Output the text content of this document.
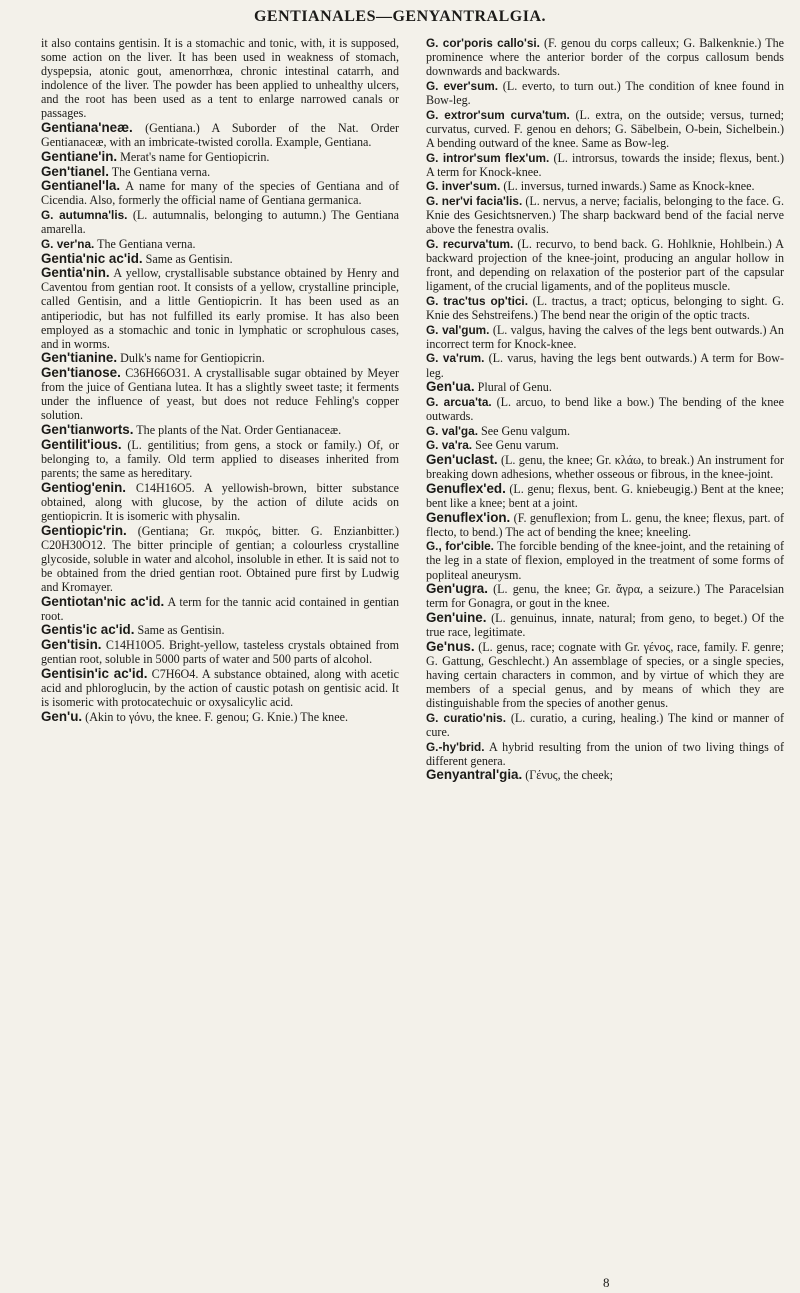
GENTIANALES—GENYANTRALGIA.

it also contains gentisin. It is a stomachic and tonic, with, it is supposed, some action on the liver. It has been used in weakness of stomach, dyspepsia, atonic gout, amenorrhœa, chronic intestinal catarrh, and indolence of the liver. The powder has been applied to unhealthy ulcers, and the root has been used as a tent to enlarge narrowed canals or passages.

Gentiana'neæ. (Gentiana.) A Suborder of the Nat. Order Gentianaceæ, with an imbricate-twisted corolla. Example, Gentiana.

Gentiane'in. Merat's name for Gentiopicrin.

Gen'tianel. The Gentiana verna.

Gentianel'la. A name for many of the species of Gentiana and of Cicendia. Also, formerly the official name of Gentiana germanica.

G. autumna'lis. (L. autumnalis, belonging to autumn.) The Gentiana amarella.

G. ver'na. The Gentiana verna.

Gentia'nic ac'id. Same as Gentisin.

Gentia'nin. A yellow, crystallisable substance obtained by Henry and Caventou from gentian root. It consists of a yellow, crystalline principle, called Gentisin, and a little Gentiopicrin. It has been used as an antiperiodic, but has not fulfilled its early promise. It has also been employed as a stomachic and tonic in lymphatic or scrophulous cases, and in worms.

Gen'tianine. Dulk's name for Gentiopicrin.

Gen'tianose. C36H66O31. A crystallisable sugar obtained by Meyer from the juice of Gentiana lutea. It has a slightly sweet taste; it ferments under the influence of yeast, but does not reduce Fehling's copper solution.

Gen'tianworts. The plants of the Nat. Order Gentianaceæ.

Gentilit'ious. (L. gentilitius; from gens, a stock or family.) Of, or belonging to, a family. Old term applied to diseases inherited from parents; the same as hereditary.

Gentiog'enin. C14H16O5. A yellowish-brown, bitter substance obtained, along with glucose, by the action of dilute acids on gentiopicrin. It is isomeric with physalin.

Gentiopic'rin. (Gentiana; Gr. πικρός, bitter. G. Enzianbitter.) C20H30O12. The bitter principle of gentian; a colourless crystalline glycoside, soluble in water and alcohol, insoluble in ether. It is said not to be obtained from the dried gentian root. Obtained pure first by Ludwig and Kromayer.

Gentiotan'nic ac'id. A term for the tannic acid contained in gentian root.

Gentis'ic ac'id. Same as Gentisin.

Gen'tisin. C14H10O5. Bright-yellow, tasteless crystals obtained from gentian root, soluble in 5000 parts of water and 500 parts of alcohol.

Gentisin'ic ac'id. C7H6O4. A substance obtained, along with acetic acid and phloroglucin, by the action of caustic potash on gentisic acid. It is isomeric with protocatechuic or oxysalicylic acid.

Gen'u. (Akin to γόνυ, the knee. F. genou; G. Knie.) The knee.

G. cor'poris callo'si. (F. genou du corps calleux; G. Balkenknie.) The prominence where the anterior border of the corpus callosum bends downwards and backwards.

G. ever'sum. (L. everto, to turn out.) The condition of knee found in Bow-leg.

G. extror'sum curva'tum. (L. extra, on the outside; versus, turned; curvatus, curved. F. genou en dehors; G. Säbelbein, O-bein, Sichelbein.) A bending outward of the knee. Same as Bow-leg.

G. intror'sum flex'um. (L. introrsus, towards the inside; flexus, bent.) A term for Knock-knee.

G. inver'sum. (L. inversus, turned inwards.) Same as Knock-knee.

G. ner'vi facia'lis. (L. nervus, a nerve; facialis, belonging to the face. G. Knie des Gesichtsnerven.) The sharp backward bend of the facial nerve above the fenestra ovalis.

G. recurva'tum. (L. recurvo, to bend back. G. Hohlknie, Hohlbein.) A backward projection of the knee-joint, producing an angular hollow in front, and depending on relaxation of the posterior part of the capsular ligament, of the crucial ligaments, and of the popliteus muscle.

G. trac'tus op'tici. (L. tractus, a tract; opticus, belonging to sight. G. Knie des Sehstreifens.) The bend near the origin of the optic tracts.

G. val'gum. (L. valgus, having the calves of the legs bent outwards.) An incorrect term for Knock-knee.

G. va'rum. (L. varus, having the legs bent outwards.) A term for Bow-leg.

Gen'ua. Plural of Genu.

G. arcua'ta. (L. arcuo, to bend like a bow.) The bending of the knee outwards.

G. val'ga. See Genu valgum.

G. va'ra. See Genu varum.

Gen'uclast. (L. genu, the knee; Gr. κλάω, to break.) An instrument for breaking down adhesions, whether osseous or fibrous, in the knee-joint.

Genuflex'ed. (L. genu; flexus, bent. G. kniebeugig.) Bent at the knee; bent like a knee; bent at a joint.

Genuflex'ion. (F. genuflexion; from L. genu, the knee; flexus, part. of flecto, to bend.) The act of bending the knee; kneeling.

G., for'cible. The forcible bending of the knee-joint, and the retaining of the leg in a state of flexion, employed in the treatment of some forms of popliteal aneurysm.

Gen'ugra. (L. genu, the knee; Gr. ἄγρα, a seizure.) The Paracelsian term for Gonagra, or gout in the knee.

Gen'uine. (L. genuinus, innate, natural; from geno, to beget.) Of the true race, legitimate.

Ge'nus. (L. genus, race; cognate with Gr. γένος, race, family. F. genre; G. Gattung, Geschlecht.) An assemblage of species, or a single species, having certain characters in common, and by virtue of which they are members of a special genus, and by means of which they are distinguishable from the species of another genus.

G. curatio'nis. (L. curatio, a curing, healing.) The kind or manner of cure.

G.-hy'brid. A hybrid resulting from the union of two living things of different genera.

Genyantral'gia. (Γένυς, the cheek;

8
